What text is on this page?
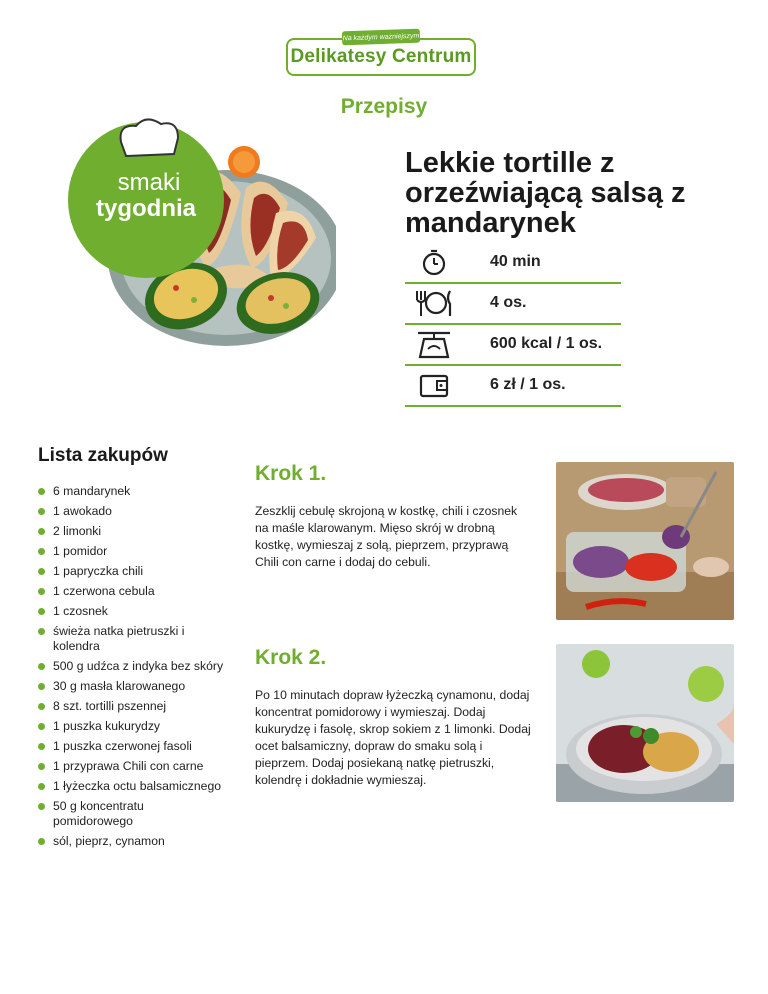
Delikatesy Centrum
Na każdym ważniejszym
Przepisy
smaki
tygodnia
Lekkie tortille z orzeźwiającą salsą z mandarynek
40 min
4 os.
600 kcal / 1 os.
6 zł / 1 os.
Lista zakupów
6 mandarynek
1 awokado
2 limonki
1 pomidor
1 papryczka chili
1 czerwona cebula
1 czosnek
świeża natka pietruszki i kolendra
500 g udźca z indyka bez skóry
30 g masła klarowanego
8 szt. tortilli pszennej
1 puszka kukurydzy
1 puszka czerwonej fasoli
1 przyprawa Chili con carne
1 łyżeczka octu balsamicznego
50 g koncentratu pomidorowego
sól, pieprz, cynamon
Krok 1.
Zeszklij cebulę skrojoną w kostkę, chili i czosnek na maśle klarowanym. Mięso skrój w drobną kostkę, wymieszaj z solą, pieprzem, przyprawą Chili con carne i dodaj do cebuli.
Krok 2.
Po 10 minutach dopraw łyżeczką cynamonu, dodaj koncentrat pomidorowy i wymieszaj. Dodaj kukurydzę i fasolę, skrop sokiem z 1 limonki. Dodaj ocet balsamiczny, dopraw do smaku solą i pieprzem. Dodaj posiekaną natkę pietruszki, kolendrę i dokładnie wymieszaj.
